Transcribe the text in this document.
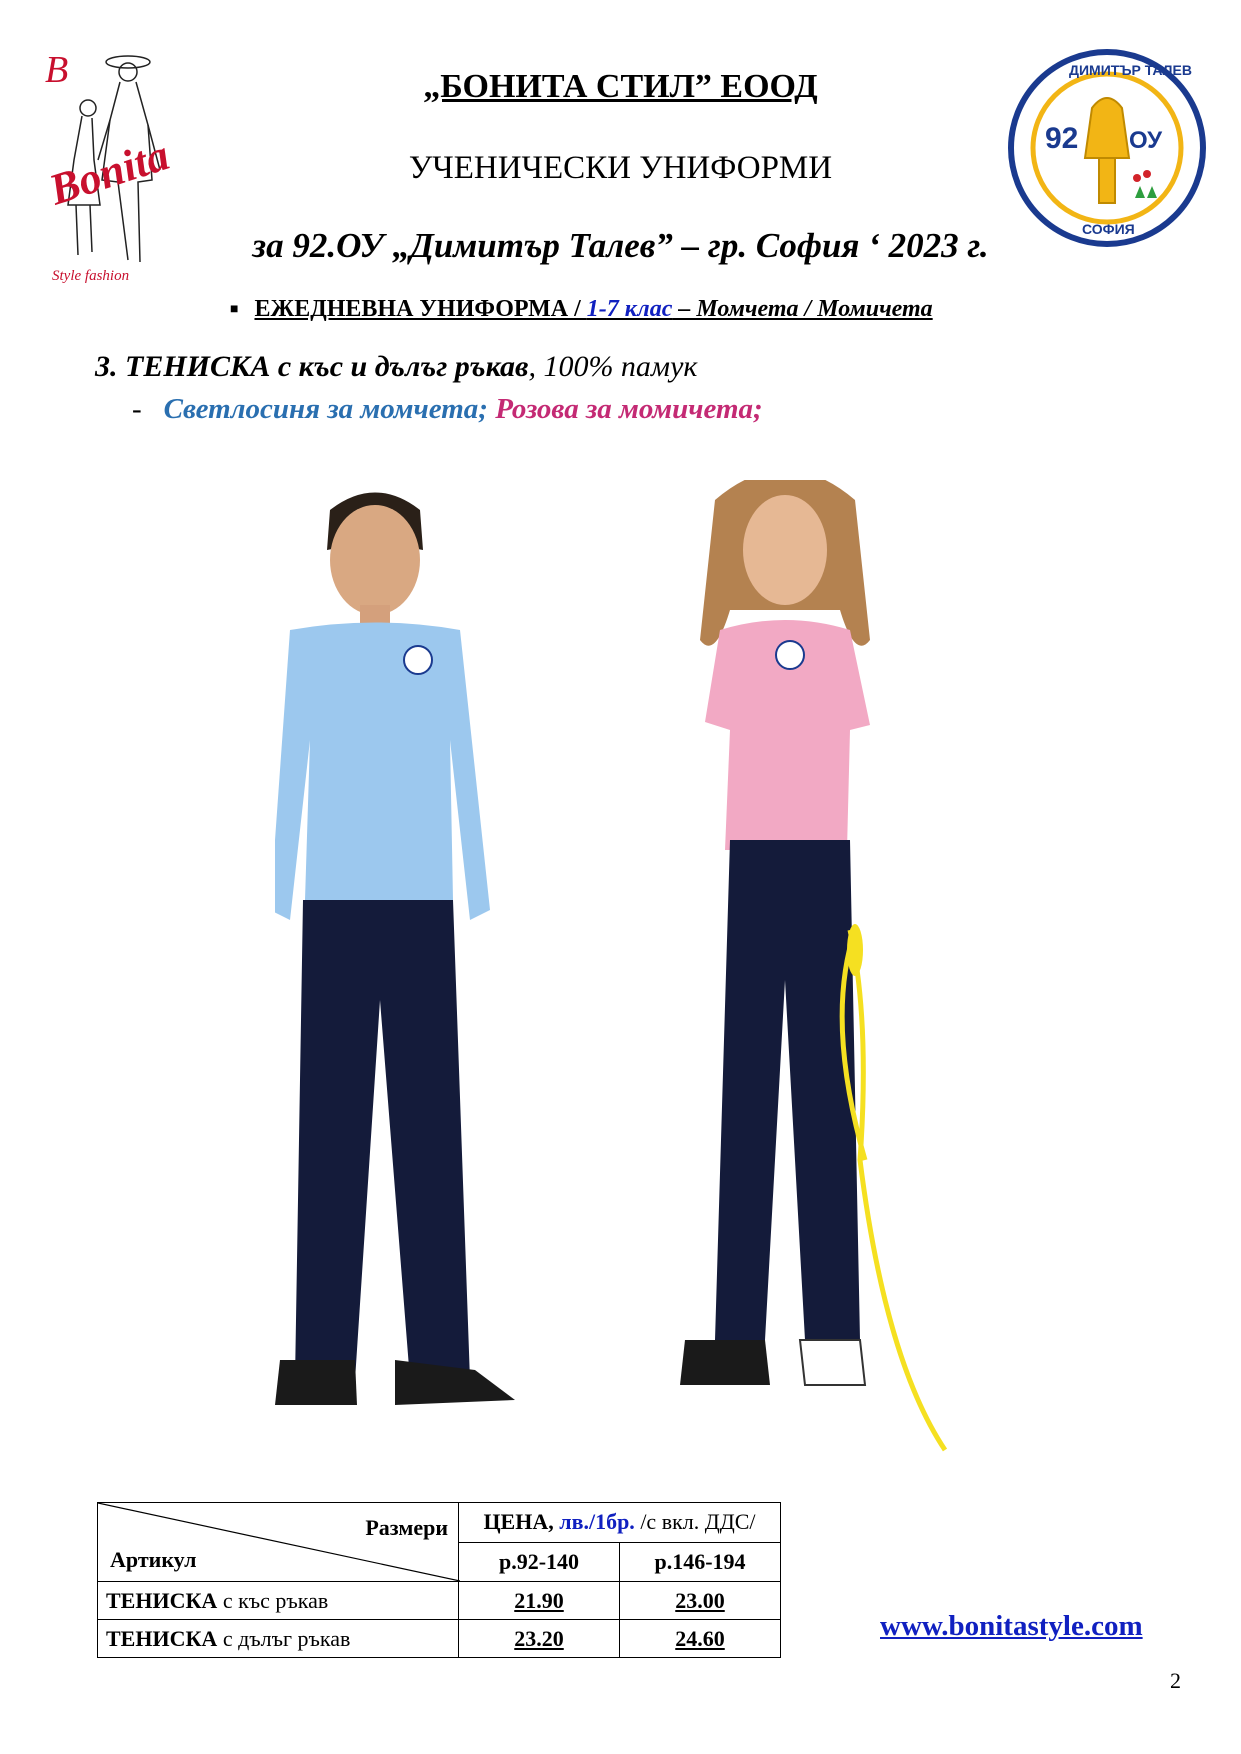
B
Bonita
Style fashion
„БОНИТА СТИЛ” ЕООД
УЧЕНИЧЕСКИ УНИФОРМИ
за 92.ОУ „Димитър Талев” – гр. София ‘ 2023 г.
92 ОУ
ДИМИТЪР ТАЛЕВ
СОФИЯ
■ ЕЖЕДНЕВНА УНИФОРМА / 1-7 клас – Момчета / Момичета
3. ТЕНИСКА с къс и дълъг ръкав, 100% памук
- Светлосиня за момчета; Розова за момичета;
Размери
Артикул	ЦЕНА, лв./1бр. /с вкл. ДДС/	
	р.92-140	р.146-194
ТЕНИСКА с къс ръкав	21.90	23.00
ТЕНИСКА с дълъг ръкав	23.20	24.60	www.bonitastyle.com
2
